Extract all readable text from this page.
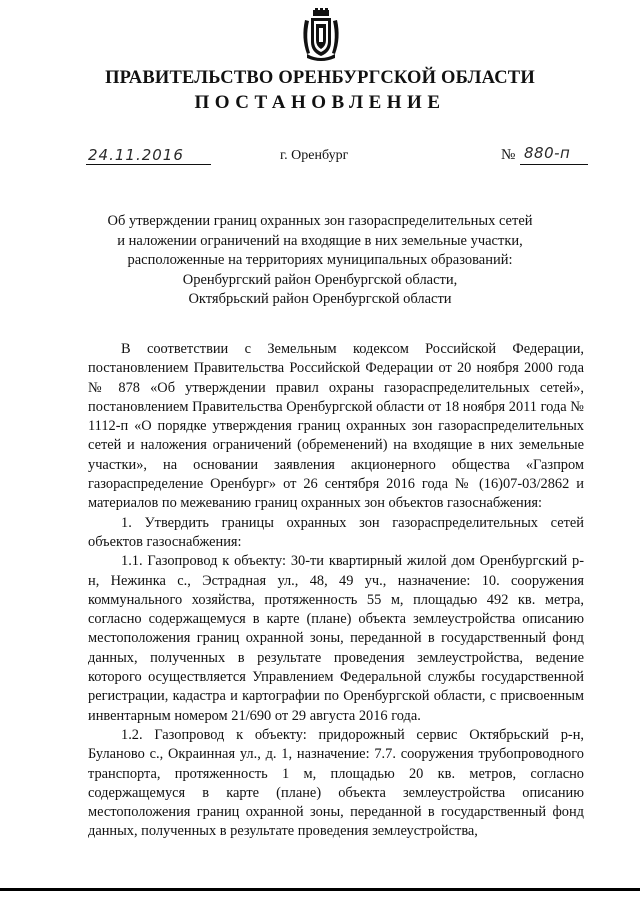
ПРАВИТЕЛЬСТВО ОРЕНБУРГСКОЙ ОБЛАСТИ
ПОСТАНОВЛЕНИЕ
24.11.2016	г. Оренбург	№ 880-п
Об утверждении границ охранных зон газораспределительных сетей
и наложении ограничений на входящие в них земельные участки,
расположенные на территориях муниципальных образований:
Оренбургский район Оренбургской области,
Октябрьский район Оренбургской области

В соответствии с Земельным кодексом Российской Федерации, постановлением Правительства Российской Федерации от 20 ноября 2000 года № 878 «Об утверждении правил охраны газораспределительных сетей», постановлением Правительства Оренбургской области от 18 ноября 2011 года № 1112-п «О порядке утверждения границ охранных зон газораспределительных сетей и наложения ограничений (обременений) на входящие в них земельные участки», на основании заявления акционерного общества «Газпром газораспределение Оренбург» от 26 сентября 2016 года № (16)07-03/2862 и материалов по межеванию границ охранных зон объектов газоснабжения:

1. Утвердить границы охранных зон газораспределительных сетей объектов газоснабжения:

1.1. Газопровод к объекту: 30-ти квартирный жилой дом Оренбургский р-н, Нежинка с., Эстрадная ул., 48, 49 уч., назначение: 10. сооружения коммунального хозяйства, протяженность 55 м, площадью 492 кв. метра, согласно содержащемуся в карте (плане) объекта землеустройства описанию местоположения границ охранной зоны, переданной в государственный фонд данных, полученных в результате проведения землеустройства, ведение которого осуществляется Управлением Федеральной службы государственной регистрации, кадастра и картографии по Оренбургской области, с присвоенным инвентарным номером 21/690 от 29 августа 2016 года.

1.2. Газопровод к объекту: придорожный сервис Октябрьский р-н, Буланово с., Окраинная ул., д. 1, назначение: 7.7. сооружения трубопроводного транспорта, протяженность 1 м, площадью 20 кв. метров, согласно содержащемуся в карте (плане) объекта землеустройства описанию местоположения границ охранной зоны, переданной в государственный фонд данных, полученных в результате проведения землеустройства,
